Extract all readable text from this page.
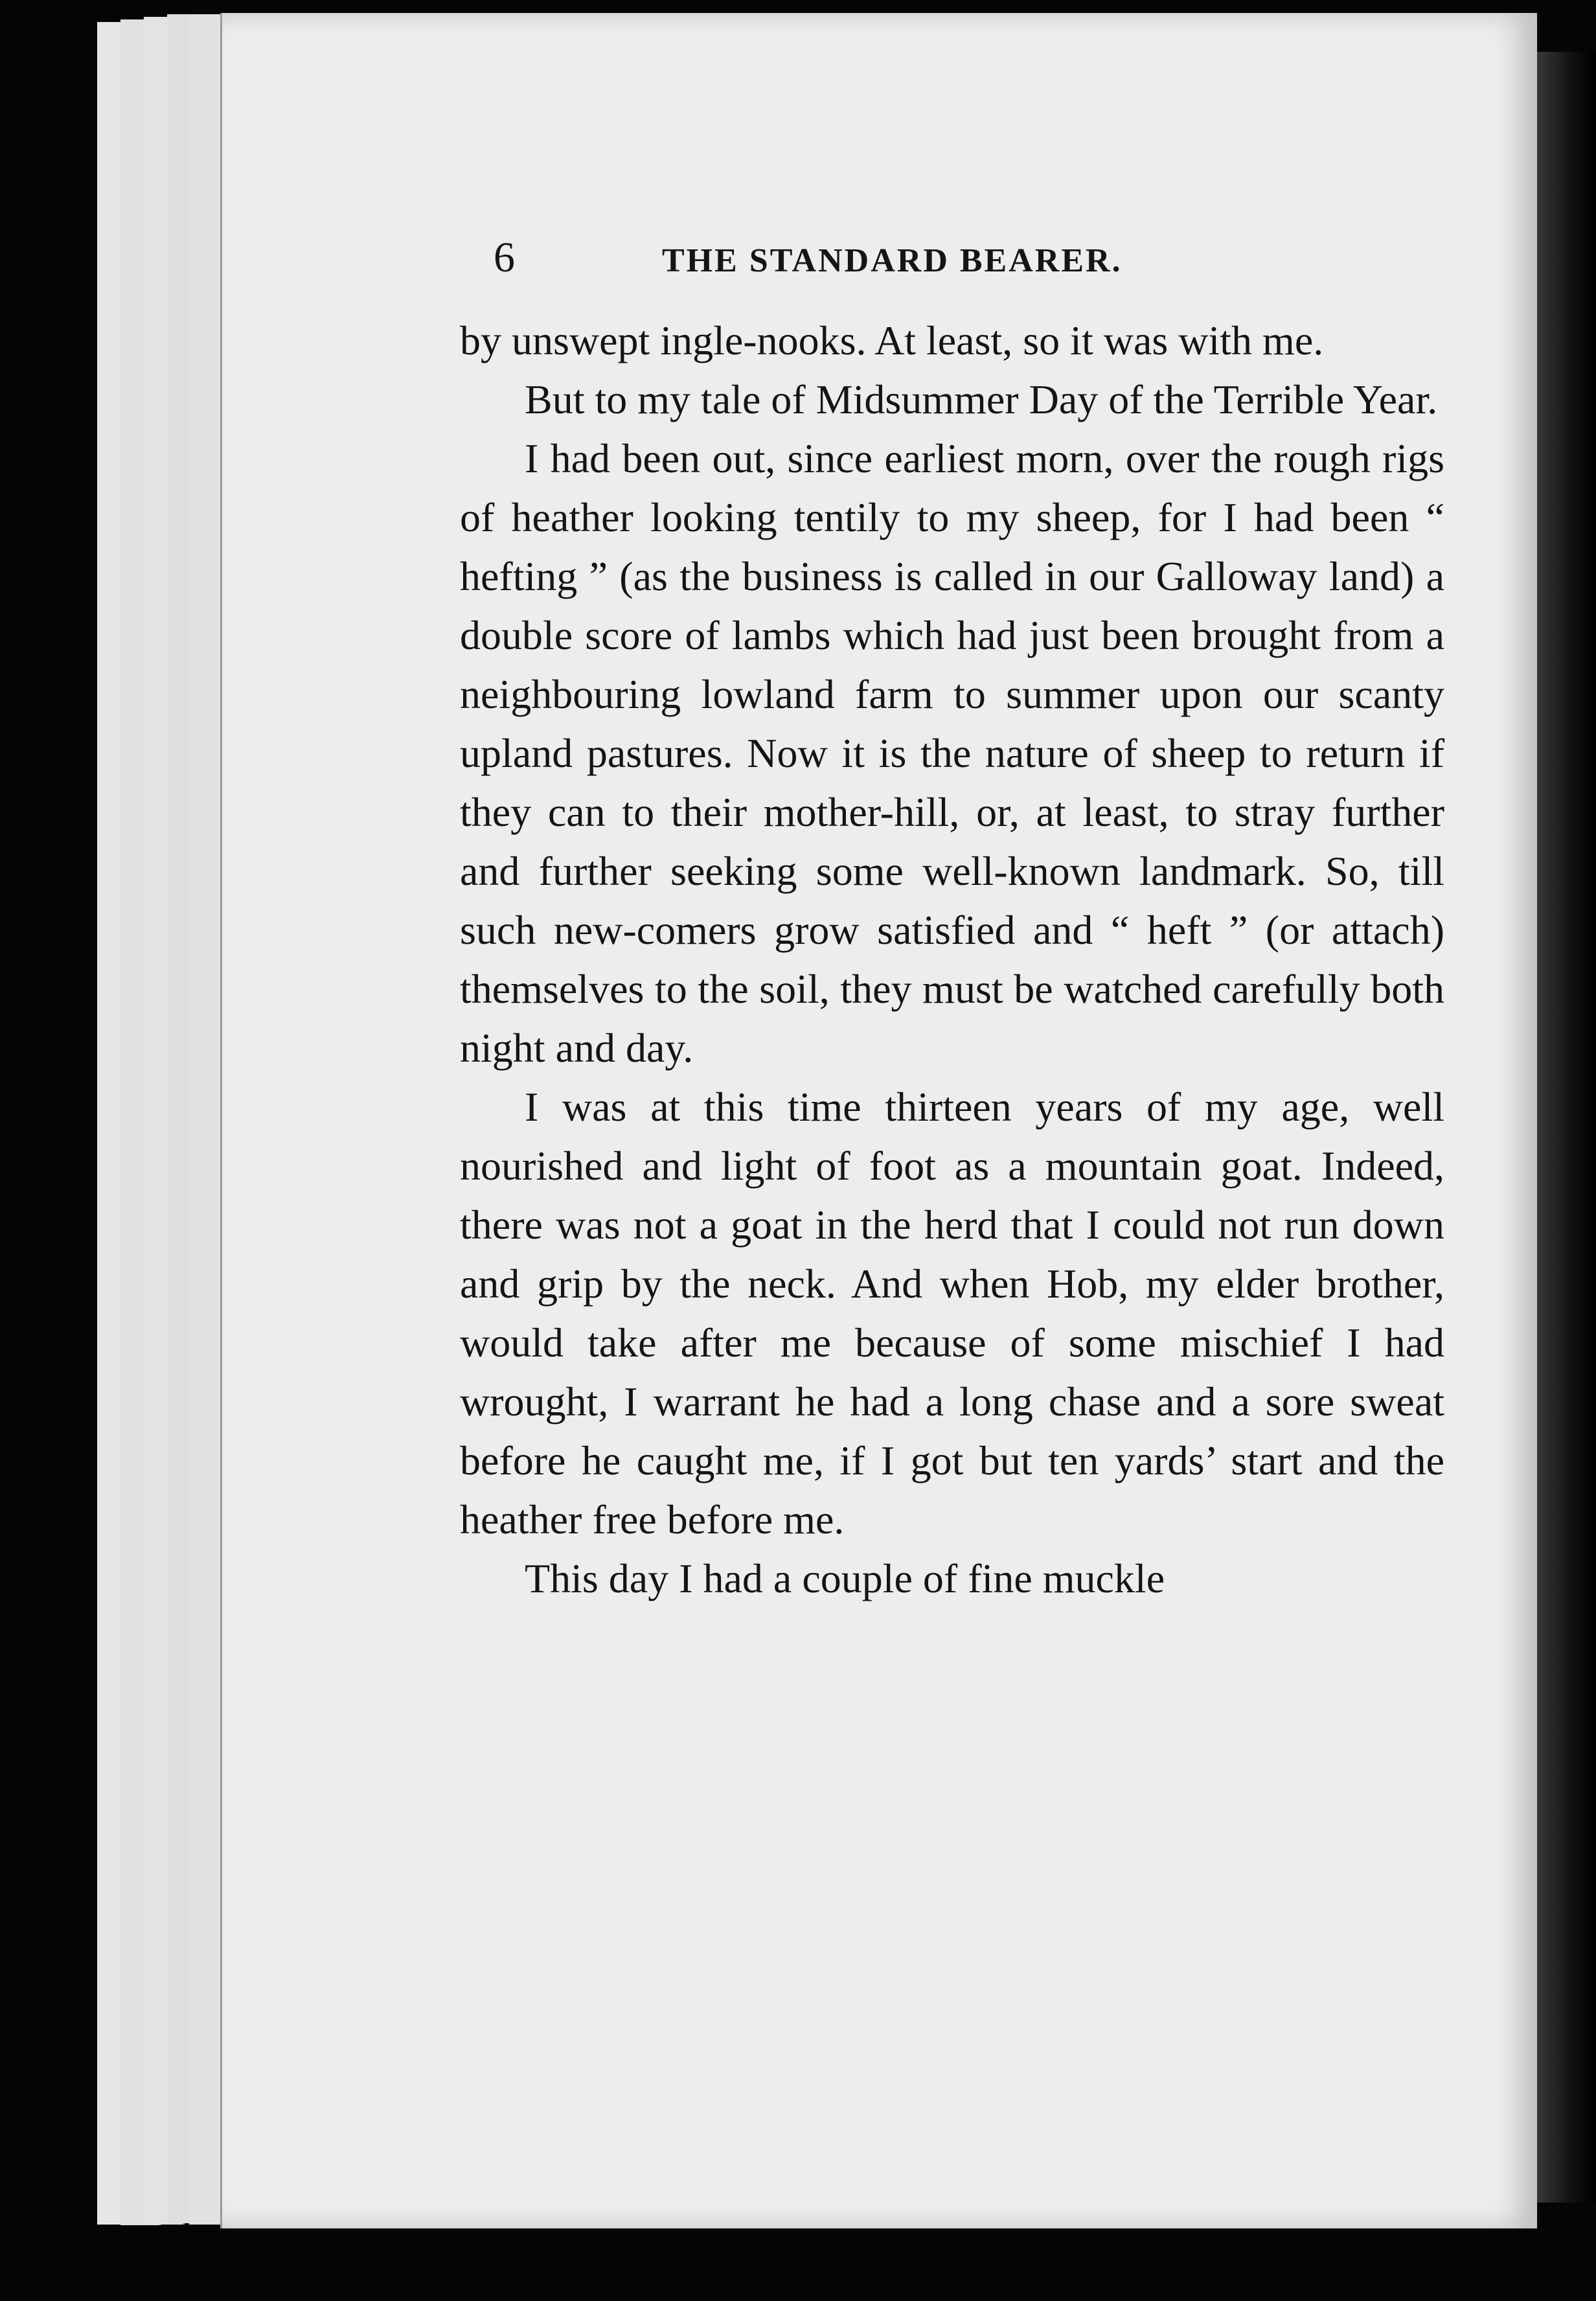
6	THE STANDARD BEARER.

by unswept ingle-nooks. At least, so it was with me.

But to my tale of Midsummer Day of the Terrible Year.

I had been out, since earliest morn, over the rough rigs of heather looking tentily to my sheep, for I had been “ hefting ” (as the business is called in our Galloway land) a double score of lambs which had just been brought from a neighbouring lowland farm to summer upon our scanty upland pastures. Now it is the nature of sheep to return if they can to their mother-hill, or, at least, to stray further and further seeking some well-known landmark. So, till such new-comers grow satisfied and “ heft ” (or attach) themselves to the soil, they must be watched carefully both night and day.

I was at this time thirteen years of my age, well nourished and light of foot as a mountain goat. Indeed, there was not a goat in the herd that I could not run down and grip by the neck. And when Hob, my elder brother, would take after me because of some mischief I had wrought, I warrant he had a long chase and a sore sweat before he caught me, if I got but ten yards’ start and the heather free before me.

This day I had a couple of fine muckle
